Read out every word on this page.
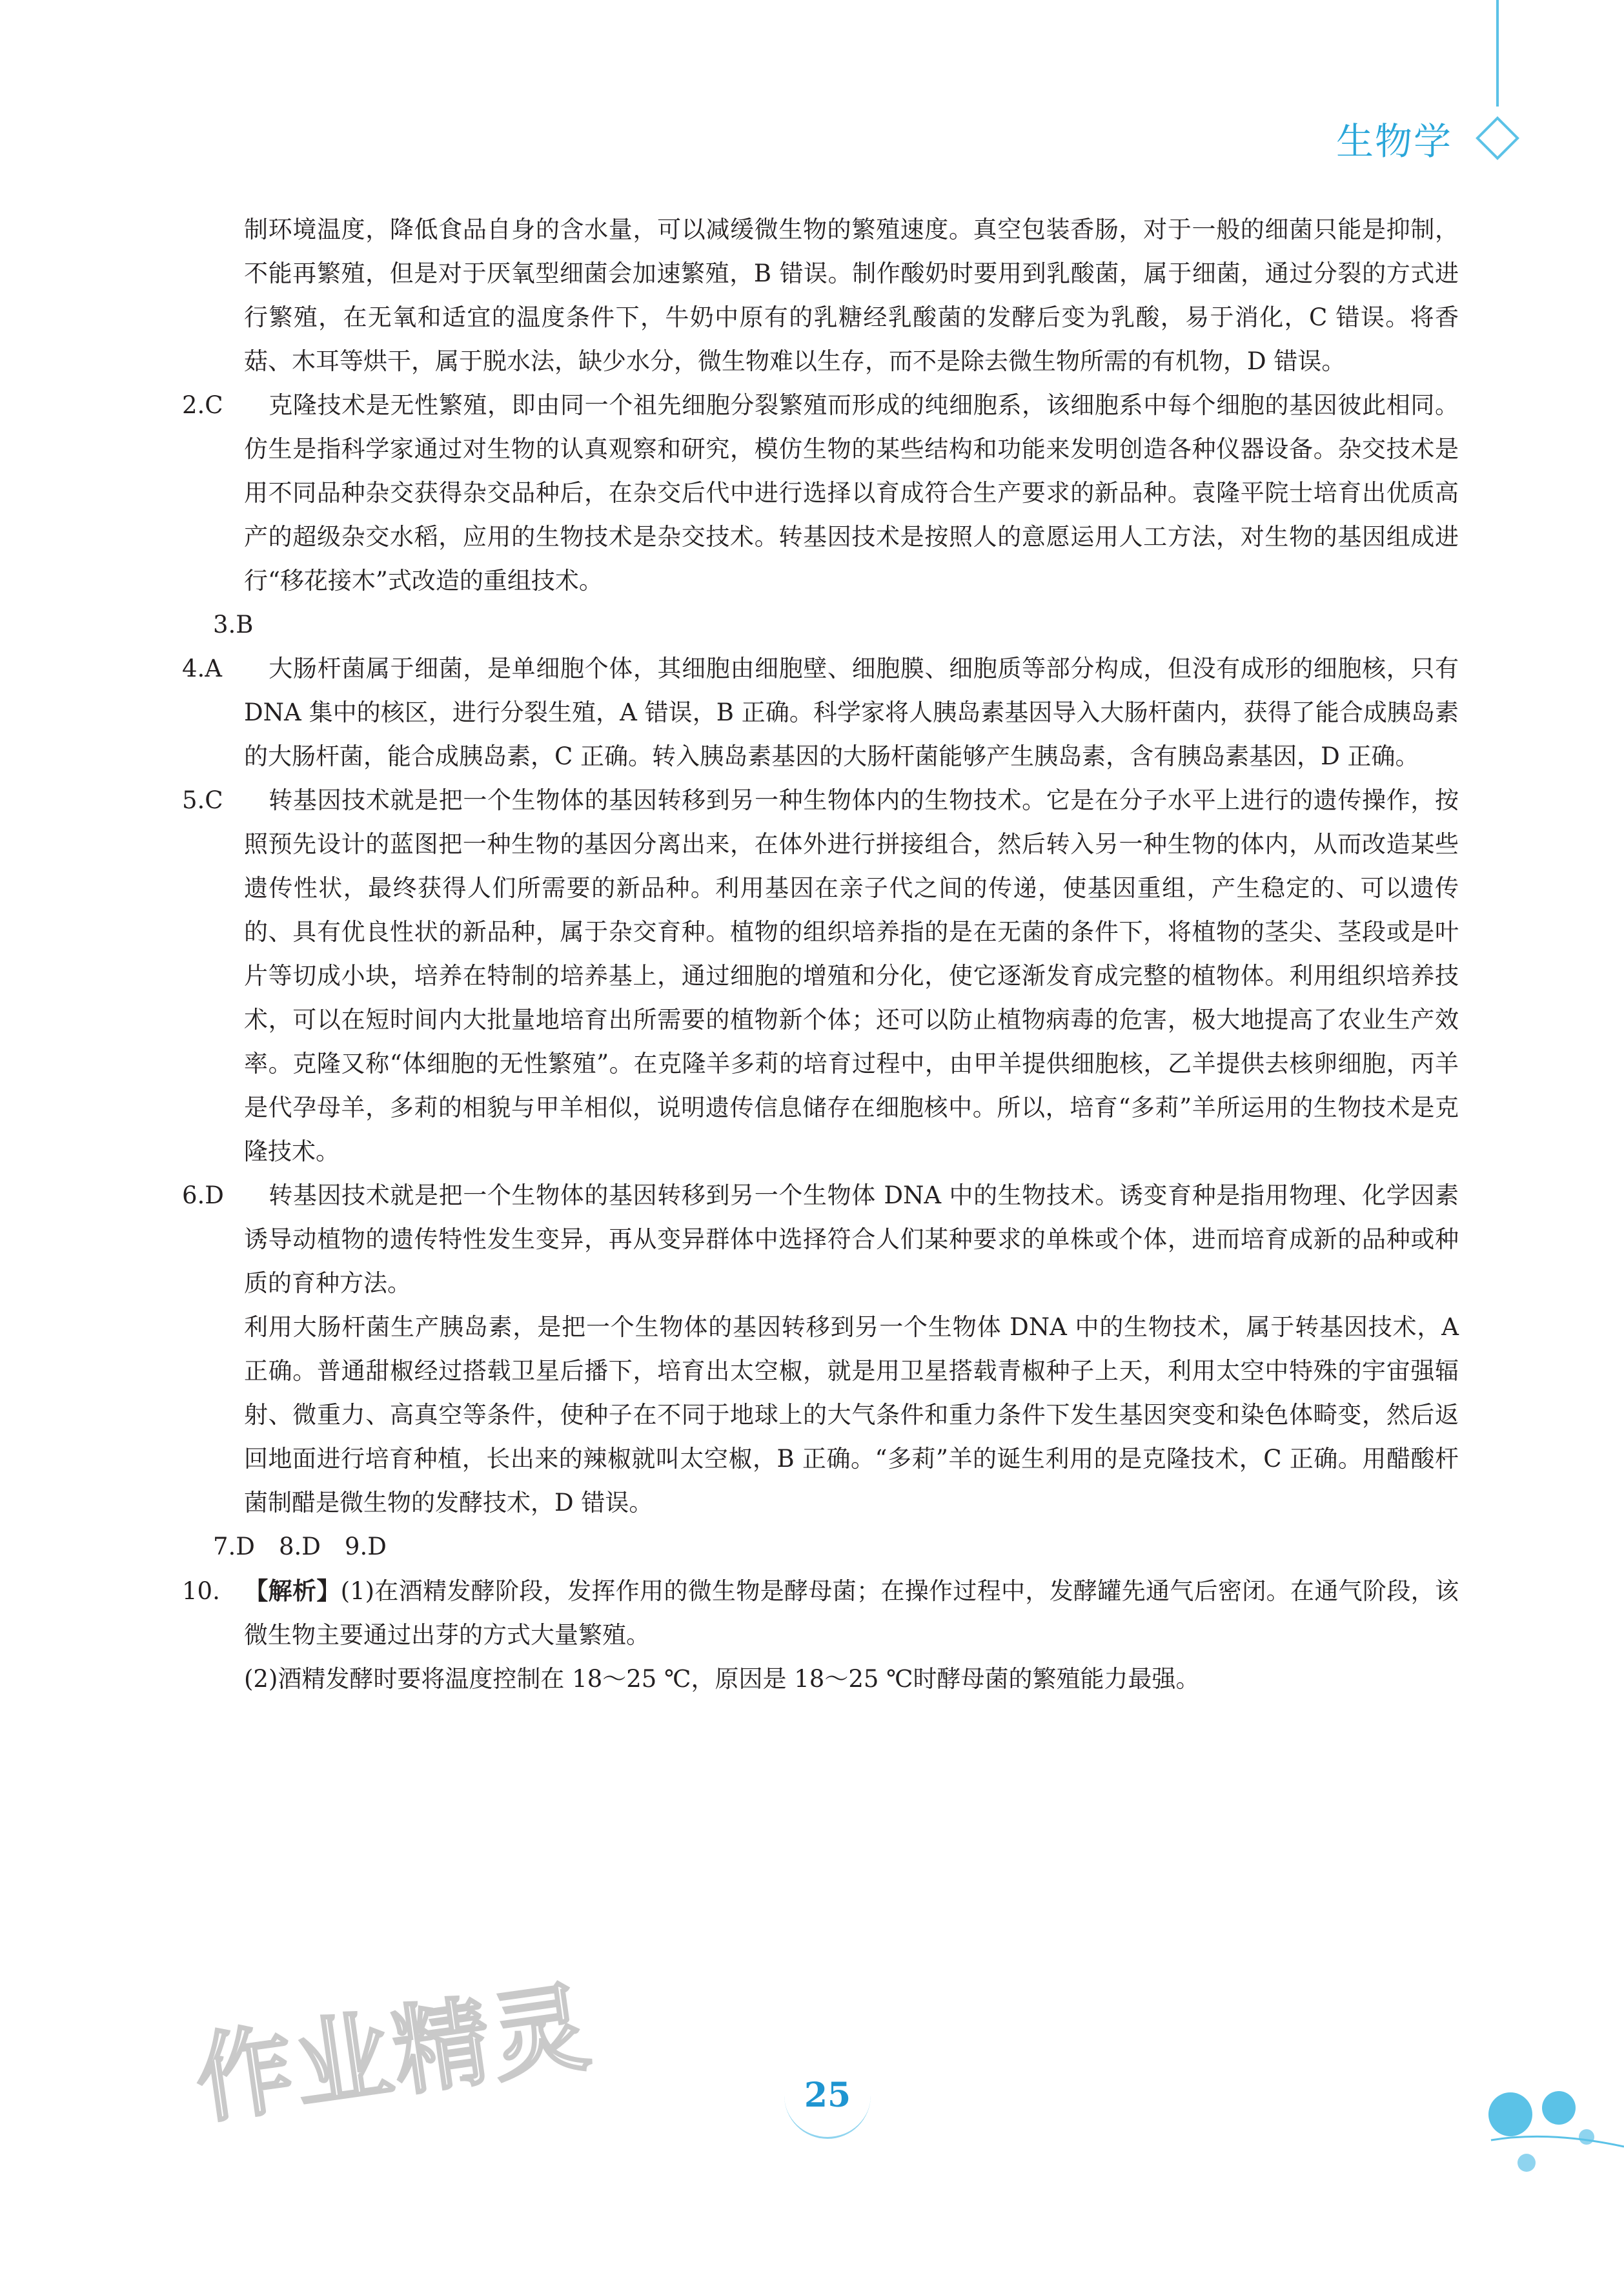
生物学
制环境温度，降低食品自身的含水量，可以减缓微生物的繁殖速度。真空包装香肠，对于一般的细菌只能是抑制，不能再繁殖，但是对于厌氧型细菌会加速繁殖，B 错误。制作酸奶时要用到乳酸菌，属于细菌，通过分裂的方式进行繁殖，在无氧和适宜的温度条件下，牛奶中原有的乳糖经乳酸菌的发酵后变为乳酸，易于消化，C 错误。将香菇、木耳等烘干，属于脱水法，缺少水分，微生物难以生存，而不是除去微生物所需的有机物，D 错误。
2.C　 克隆技术是无性繁殖，即由同一个祖先细胞分裂繁殖而形成的纯细胞系，该细胞系中每个细胞的基因彼此相同。仿生是指科学家通过对生物的认真观察和研究，模仿生物的某些结构和功能来发明创造各种仪器设备。杂交技术是用不同品种杂交获得杂交品种后，在杂交后代中进行选择以育成符合生产要求的新品种。袁隆平院士培育出优质高产的超级杂交水稻，应用的生物技术是杂交技术。转基因技术是按照人的意愿运用人工方法，对生物的基因组成进行“移花接木”式改造的重组技术。
3.B
4.A　 大肠杆菌属于细菌，是单细胞个体，其细胞由细胞壁、细胞膜、细胞质等部分构成，但没有成形的细胞核，只有 DNA 集中的核区，进行分裂生殖，A 错误，B 正确。科学家将人胰岛素基因导入大肠杆菌内，获得了能合成胰岛素的大肠杆菌，能合成胰岛素，C 正确。转入胰岛素基因的大肠杆菌能够产生胰岛素，含有胰岛素基因，D 正确。
5.C　 转基因技术就是把一个生物体的基因转移到另一种生物体内的生物技术。它是在分子水平上进行的遗传操作，按照预先设计的蓝图把一种生物的基因分离出来，在体外进行拼接组合，然后转入另一种生物的体内，从而改造某些遗传性状，最终获得人们所需要的新品种。利用基因在亲子代之间的传递，使基因重组，产生稳定的、可以遗传的、具有优良性状的新品种，属于杂交育种。植物的组织培养指的是在无菌的条件下，将植物的茎尖、茎段或是叶片等切成小块，培养在特制的培养基上，通过细胞的增殖和分化，使它逐渐发育成完整的植物体。利用组织培养技术，可以在短时间内大批量地培育出所需要的植物新个体；还可以防止植物病毒的危害，极大地提高了农业生产效率。克隆又称“体细胞的无性繁殖”。在克隆羊多莉的培育过程中，由甲羊提供细胞核，乙羊提供去核卵细胞，丙羊是代孕母羊，多莉的相貌与甲羊相似，说明遗传信息储存在细胞核中。所以，培育“多莉”羊所运用的生物技术是克隆技术。
6.D　 转基因技术就是把一个生物体的基因转移到另一个生物体 DNA 中的生物技术。诱变育种是指用物理、化学因素诱导动植物的遗传特性发生变异，再从变异群体中选择符合人们某种要求的单株或个体，进而培育成新的品种或种质的育种方法。
利用大肠杆菌生产胰岛素，是把一个生物体的基因转移到另一个生物体 DNA 中的生物技术，属于转基因技术，A 正确。普通甜椒经过搭载卫星后播下，培育出太空椒，就是用卫星搭载青椒种子上天，利用太空中特殊的宇宙强辐射、微重力、高真空等条件，使种子在不同于地球上的大气条件和重力条件下发生基因突变和染色体畸变，然后返回地面进行培育种植，长出来的辣椒就叫太空椒，B 正确。“多莉”羊的诞生利用的是克隆技术，C 正确。用醋酸杆菌制醋是微生物的发酵技术，D 错误。
7.D　8.D　9.D
10. 【解析】(1)在酒精发酵阶段，发挥作用的微生物是酵母菌；在操作过程中，发酵罐先通气后密闭。在通气阶段，该微生物主要通过出芽的方式大量繁殖。
(2)酒精发酵时要将温度控制在 18～25 ℃，原因是 18～25 ℃时酵母菌的繁殖能力最强。
作业精灵	25
